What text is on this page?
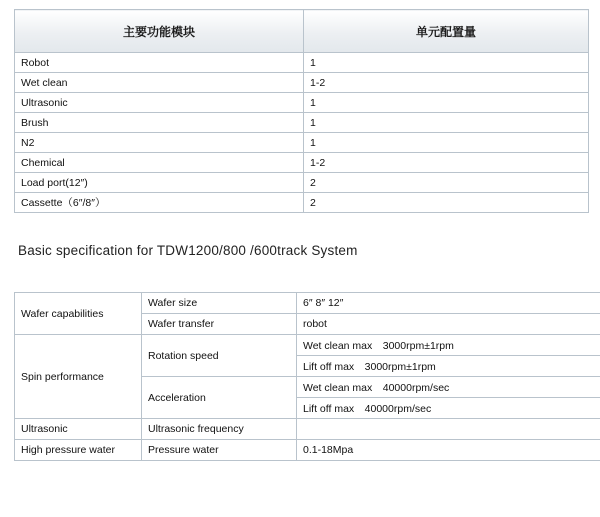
主要功能模块	单元配置量
Robot	1
Wet clean	1-2
Ultrasonic	1
Brush	1
N2	1
Chemical	1-2
Load port(12″)	2
Cassette（6″/8″）	2
Basic specification for TDW1200/800 /600track System
Wafer capabilities	Wafer size	6″ 8″ 12″
	Wafer transfer	robot
Spin performance	Rotation speed	Wet clean max　3000rpm±1rpm
		Lift off max　3000rpm±1rpm
	Acceleration	Wet clean max　40000rpm/sec
		Lift off max　40000rpm/sec
Ultrasonic	Ultrasonic frequency	
High pressure water	Pressure water	0.1-18Mpa
